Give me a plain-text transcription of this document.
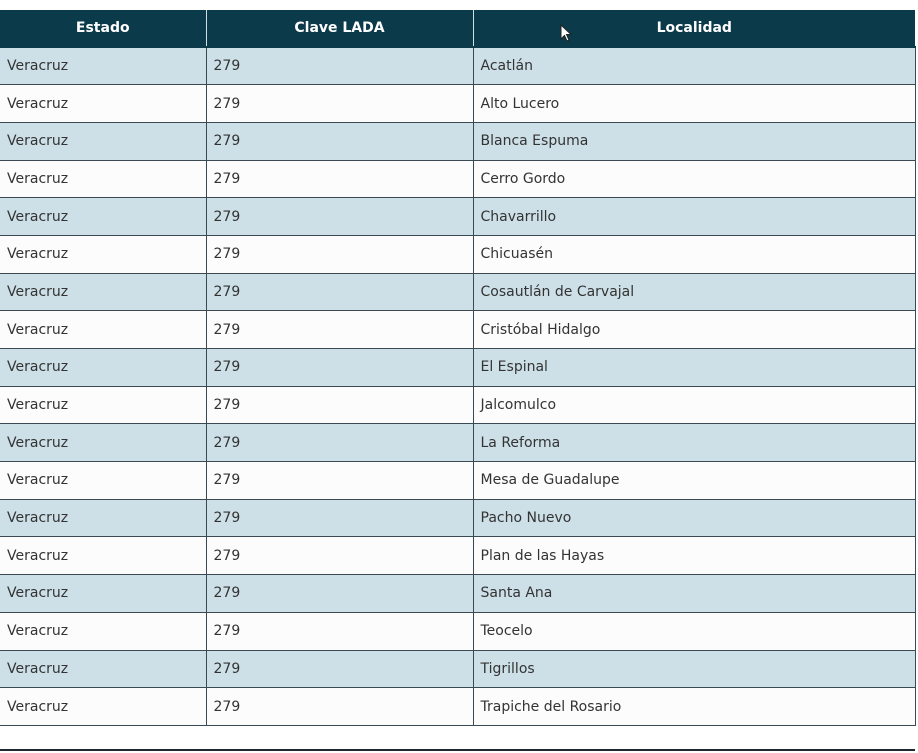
Estado	Clave LADA	Localidad
Veracruz	279	Acatlán
Veracruz	279	Alto Lucero
Veracruz	279	Blanca Espuma
Veracruz	279	Cerro Gordo
Veracruz	279	Chavarrillo
Veracruz	279	Chicuasén
Veracruz	279	Cosautlán de Carvajal
Veracruz	279	Cristóbal Hidalgo
Veracruz	279	El Espinal
Veracruz	279	Jalcomulco
Veracruz	279	La Reforma
Veracruz	279	Mesa de Guadalupe
Veracruz	279	Pacho Nuevo
Veracruz	279	Plan de las Hayas
Veracruz	279	Santa Ana
Veracruz	279	Teocelo
Veracruz	279	Tigrillos
Veracruz	279	Trapiche del Rosario
